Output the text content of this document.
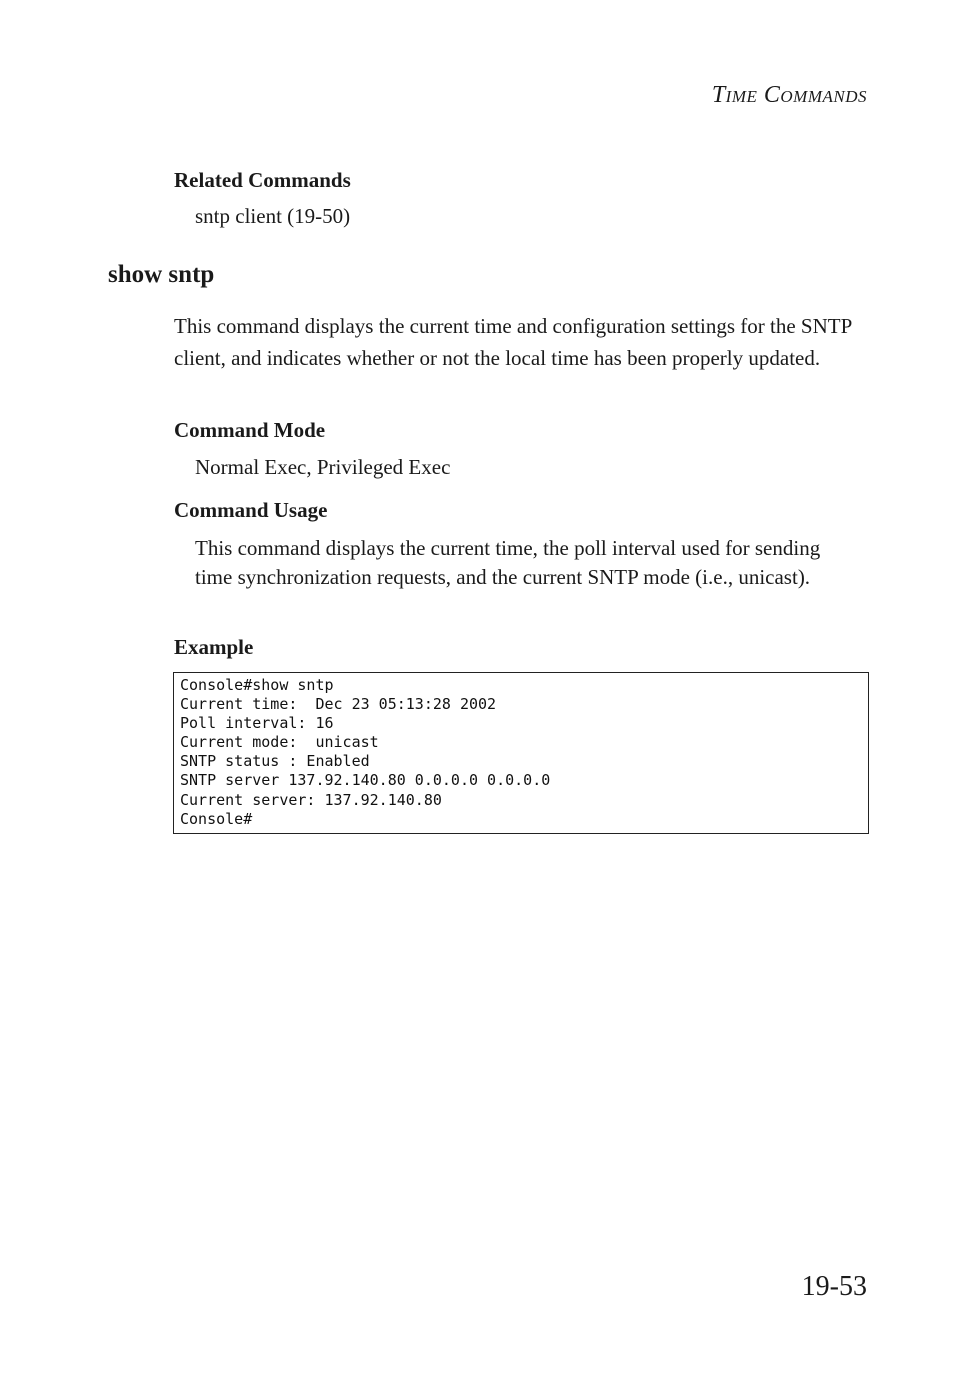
Time Commands
Related Commands
sntp client (19-50)
show sntp

This command displays the current time and configuration settings for the SNTP client, and indicates whether or not the local time has been properly updated.

Command Mode
Normal Exec, Privileged Exec
Command Usage

This command displays the current time, the poll interval used for sending time synchronization requests, and the current SNTP mode (i.e., unicast).

Example
Console#show sntp
Current time:  Dec 23 05:13:28 2002
Poll interval: 16
Current mode:  unicast
SNTP status : Enabled
SNTP server 137.92.140.80 0.0.0.0 0.0.0.0
Current server: 137.92.140.80
Console#
19-53
